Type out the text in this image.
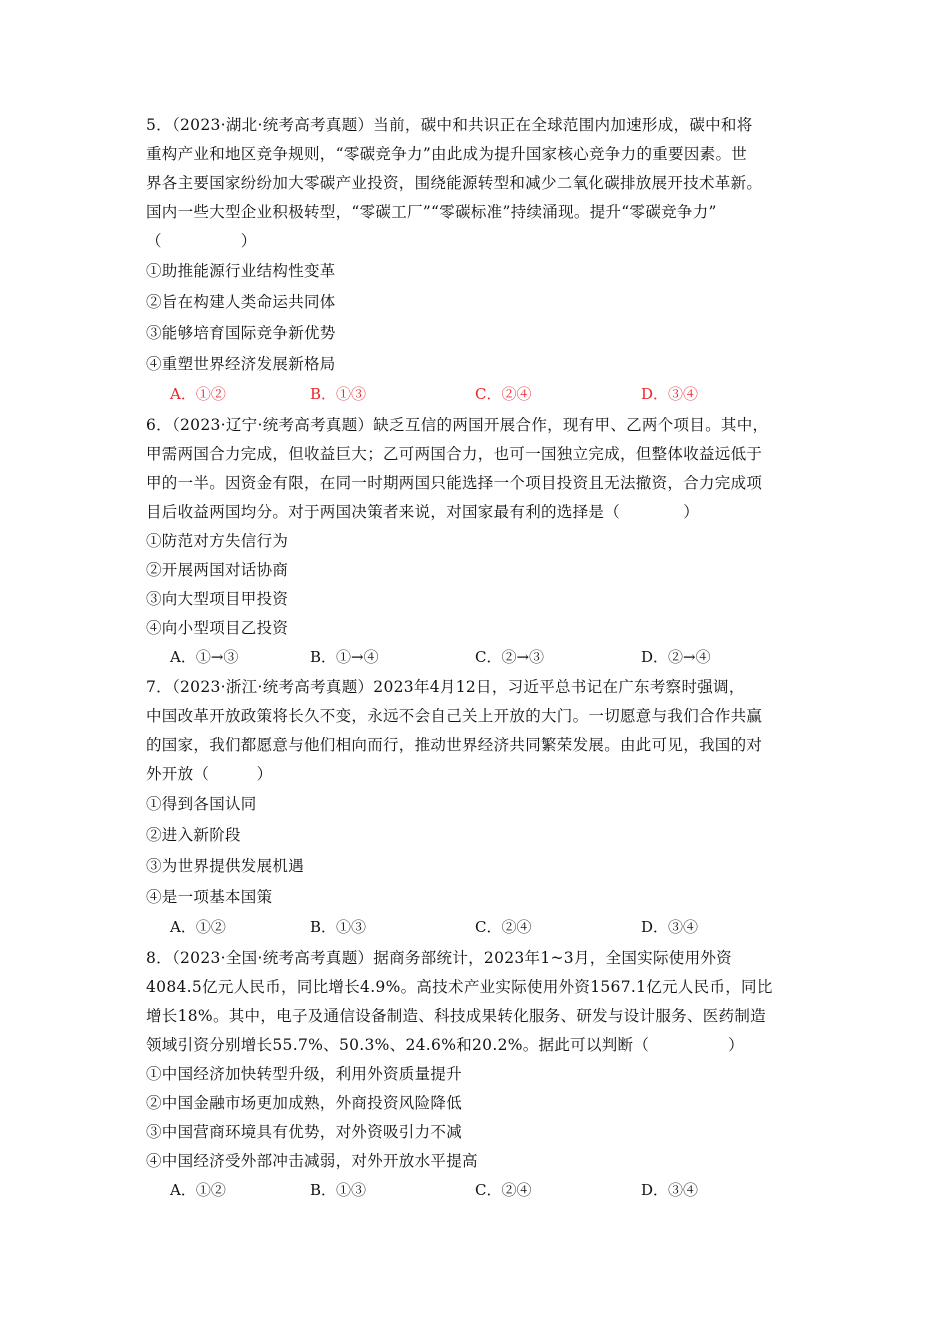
5．（2023·湖北·统考高考真题）当前，碳中和共识正在全球范围内加速形成，碳中和将
重构产业和地区竞争规则，“零碳竞争力”由此成为提升国家核心竞争力的重要因素。世
界各主要国家纷纷加大零碳产业投资，围绕能源转型和减少二氧化碳排放展开技术革新。
国内一些大型企业积极转型，“零碳工厂”“零碳标准”持续涌现。提升“零碳竞争力”
（　　　　　）
①助推能源行业结构性变革
②旨在构建人类命运共同体
③能够培育国际竞争新优势
④重塑世界经济发展新格局
A．①②	B．①③	C．②④	D．③④
6．（2023·辽宁·统考高考真题）缺乏互信的两国开展合作，现有甲、乙两个项目。其中，
甲需两国合力完成，但收益巨大；乙可两国合力，也可一国独立完成，但整体收益远低于
甲的一半。因资金有限，在同一时期两国只能选择一个项目投资且无法撤资，合力完成项
目后收益两国均分。对于两国决策者来说，对国家最有利的选择是（　　　　）
①防范对方失信行为
②开展两国对话协商
③向大型项目甲投资
④向小型项目乙投资
A．①→③	B．①→④	C．②→③	D．②→④
7．（2023·浙江·统考高考真题）2023年4月12日，习近平总书记在广东考察时强调，
中国改革开放政策将长久不变，永远不会自己关上开放的大门。一切愿意与我们合作共赢
的国家，我们都愿意与他们相向而行，推动世界经济共同繁荣发展。由此可见，我国的对
外开放（　　　）
①得到各国认同
②进入新阶段
③为世界提供发展机遇
④是一项基本国策
A．①②	B．①③	C．②④	D．③④
8．（2023·全国·统考高考真题）据商务部统计，2023年1~3月，全国实际使用外资
4084.5亿元人民币，同比增长4.9%。高技术产业实际使用外资1567.1亿元人民币，同比
增长18%。其中，电子及通信设备制造、科技成果转化服务、研发与设计服务、医药制造
领域引资分别增长55.7%、50.3%、24.6%和20.2%。据此可以判断（　　　　　）
①中国经济加快转型升级，利用外资质量提升
②中国金融市场更加成熟，外商投资风险降低
③中国营商环境具有优势，对外资吸引力不减
④中国经济受外部冲击减弱，对外开放水平提高
A．①②	B．①③	C．②④	D．③④
